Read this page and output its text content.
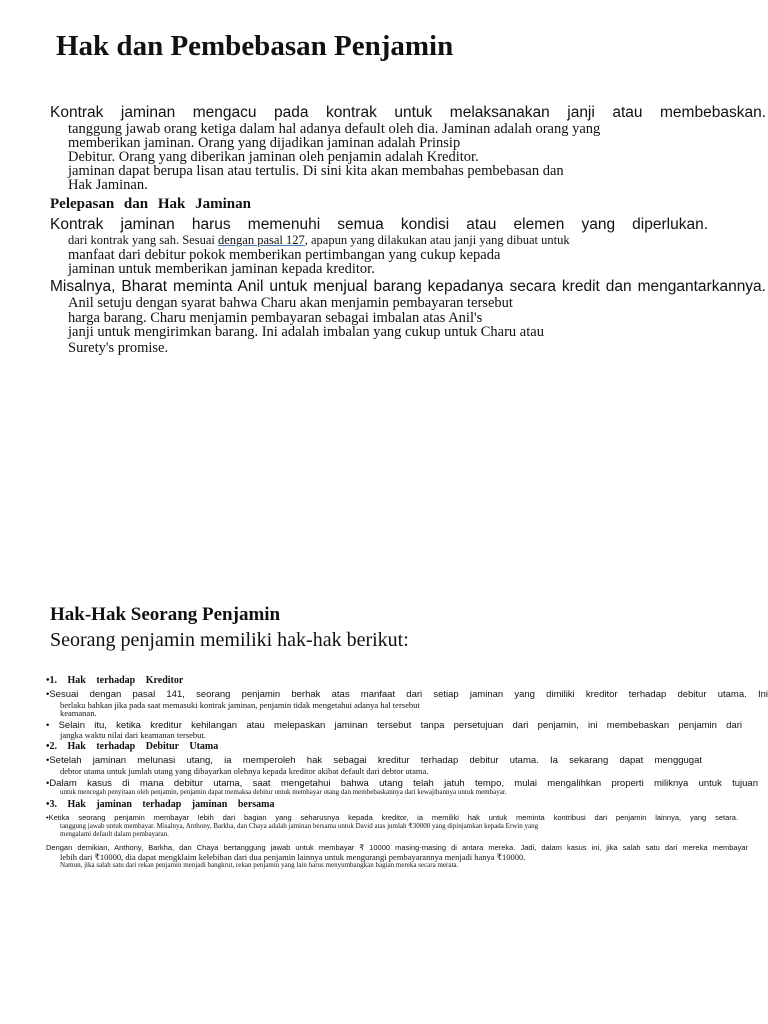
Hak dan Pembebasan Penjamin
Kontrak jaminan mengacu pada kontrak untuk melaksanakan janji atau membebaskan.
tanggung jawab orang ketiga dalam hal adanya default oleh dia. Jaminan adalah orang yang
memberikan jaminan. Orang yang dijadikan jaminan adalah Prinsip
Debitur. Orang yang diberikan jaminan oleh penjamin adalah Kreditor.
jaminan dapat berupa lisan atau tertulis. Di sini kita akan membahas pembebasan dan
Hak Jaminan.
Pelepasan dan Hak Jaminan
Kontrak jaminan harus memenuhi semua kondisi atau elemen yang diperlukan.
dari kontrak yang sah. Sesuai dengan pasal 127, apapun yang dilakukan atau janji yang dibuat untuk
manfaat dari debitur pokok memberikan pertimbangan yang cukup kepada
jaminan untuk memberikan jaminan kepada kreditor.
Misalnya, Bharat meminta Anil untuk menjual barang kepadanya secara kredit dan mengantarkannya.
Anil setuju dengan syarat bahwa Charu akan menjamin pembayaran tersebut
harga barang. Charu menjamin pembayaran sebagai imbalan atas Anil's
janji untuk mengirimkan barang. Ini adalah imbalan yang cukup untuk Charu atau
Surety's promise.
Hak-Hak Seorang Penjamin
Seorang penjamin memiliki hak-hak berikut:
•1. Hak terhadap Kreditor
•Sesuai dengan pasal 141, seorang penjamin berhak atas manfaat dari setiap jaminan yang dimiliki kreditor terhadap debitur utama. Ini
berlaku bahkan jika pada saat memasuki kontrak jaminan, penjamin tidak mengetahui adanya hal tersebut
keamanan.
• Selain itu, ketika kreditur kehilangan atau melepaskan jaminan tersebut tanpa persetujuan dari penjamin, ini membebaskan penjamin dari
jangka waktu nilai dari keamanan tersebut.
•2. Hak terhadap Debitur Utama
•Setelah jaminan melunasi utang, ia memperoleh hak sebagai kreditur terhadap debitur utama. Ia sekarang dapat menggugat
debtor utama untuk jumlah utang yang dibayarkan olehnya kepada kreditor akibat default dari debtor utama.
•Dalam kasus di mana debitur utama, saat mengetahui bahwa utang telah jatuh tempo, mulai mengalihkan properti miliknya untuk tujuan
untuk mencegah penyitaan oleh penjamin, penjamin dapat memaksa debitur untuk membayar utang dan membebaskannya dari kewajibannya untuk membayar.
•3. Hak jaminan terhadap jaminan bersama
•Ketika seorang penjamin membayar lebih dari bagian yang seharusnya kepada kreditor, ia memiliki hak untuk meminta kontribusi dari penjamin lainnya, yang setara.
tanggung jawab untuk membayar. Misalnya, Anthony, Barkha, dan Chaya adalah jaminan bersama untuk David atas jumlah ₹30000 yang dipinjamkan kepada Erwin yang
mengalami default dalam pembayaran.
Dengan demikian, Anthony, Barkha, dan Chaya bertanggung jawab untuk membayar ₹ 10000 masing-masing di antara mereka. Jadi, dalam kasus ini, jika salah satu dari mereka membayar
lebih dari ₹10000, dia dapat mengklaim kelebihan dari dua penjamin lainnya untuk mengurangi pembayarannya menjadi hanya ₹10000.
Namun, jika salah satu dari rekan penjamin menjadi bangkrut, rekan penjamin yang lain harus menyumbangkan bagian mereka secara merata.
